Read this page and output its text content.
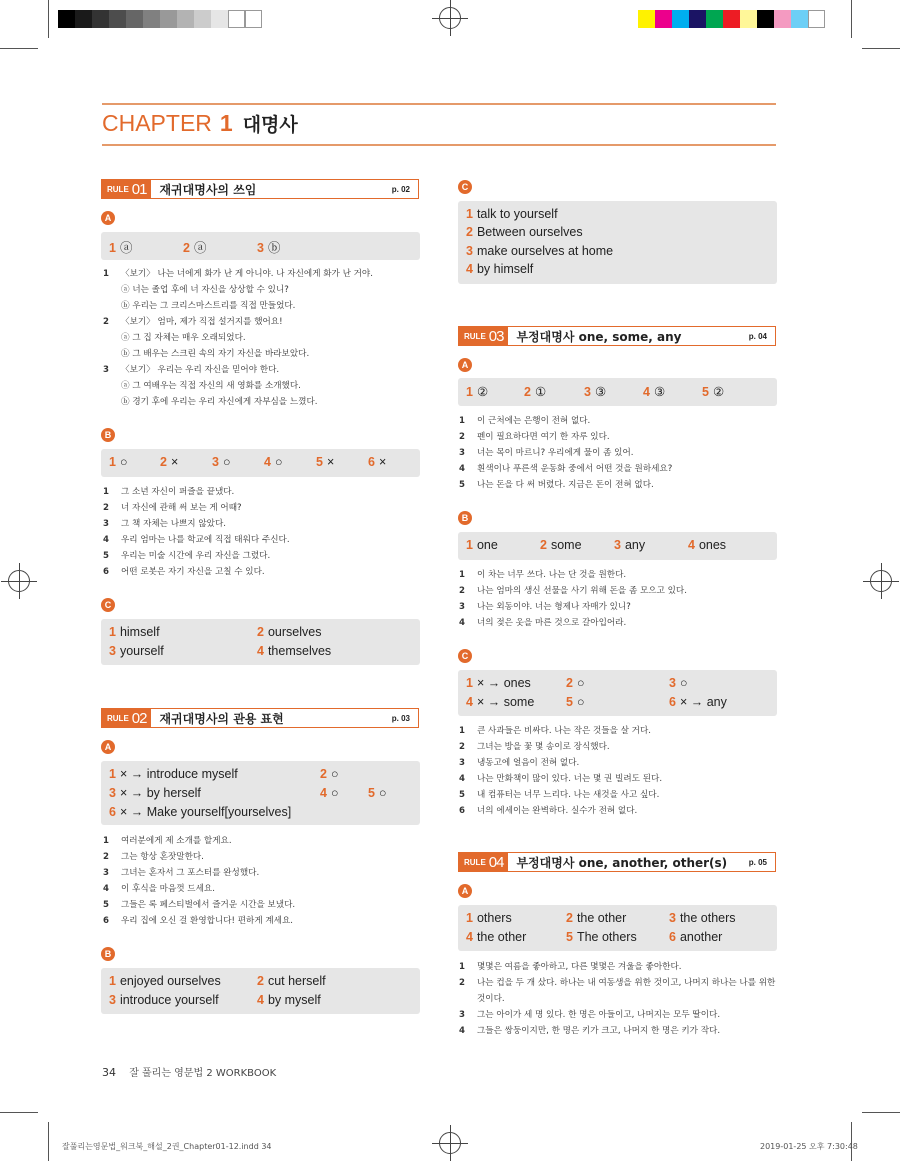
CHAPTER 1 대명사
RULE 01 재귀대명사의 쓰임	p. 02
A
1 ⓐ	2 ⓐ	3 ⓑ
1	〈보기〉 나는 너에게 화가 난 게 아니야. 나 자신에게 화가 난 거야.
ⓐ 너는 졸업 후에 너 자신을 상상할 수 있니?
ⓑ 우리는 그 크리스마스트리를 직접 만들었다.
2	〈보기〉 엄마, 제가 직접 설거지를 했어요!
ⓐ 그 집 자체는 매우 오래되었다.
ⓑ 그 배우는 스크린 속의 자기 자신을 바라보았다.
3	〈보기〉 우리는 우리 자신을 믿어야 한다.
ⓐ 그 여배우는 직접 자신의 새 영화를 소개했다.
ⓑ 경기 후에 우리는 우리 자신에게 자부심을 느꼈다.
B
1 ○	2 ×	3 ○	4 ○	5 ×	6 ×
1	그 소년 자신이 퍼즐을 끝냈다.
2	너 자신에 관해 써 보는 게 어때?
3	그 책 자체는 나쁘지 않았다.
4	우리 엄마는 나를 학교에 직접 태워다 주신다.
5	우리는 미술 시간에 우리 자신을 그렸다.
6	어떤 로봇은 자기 자신을 고칠 수 있다.
C
1 himself	2 ourselves
3 yourself	4 themselves
RULE 02 재귀대명사의 관용 표현	p. 03
A
1 × → introduce myself	2 ○
3 × → by herself	4 ○ 5 ○
6 × → Make yourself[yourselves]
1	여러분에게 제 소개를 할게요.
2	그는 항상 혼잣말한다.
3	그녀는 혼자서 그 포스터를 완성했다.
4	이 후식을 마음껏 드세요.
5	그들은 록 페스티벌에서 즐거운 시간을 보냈다.
6	우리 집에 오신 걸 환영합니다! 편하게 계세요.
B
1 enjoyed ourselves	2 cut herself
3 introduce yourself	4 by myself
C
1 talk to yourself
2 Between ourselves
3 make ourselves at home
4 by himself
RULE 03 부정대명사 one, some, any	p. 04
A
1 ②	2 ①	3 ③	4 ③	5 ②
1	이 근처에는 은행이 전혀 없다.
2	펜이 필요하다면 여기 한 자루 있다.
3	너는 목이 마르니? 우리에게 물이 좀 있어.
4	흰색이나 푸른색 운동화 중에서 어떤 것을 원하세요?
5	나는 돈을 다 써 버렸다. 지금은 돈이 전혀 없다.
B
1 one	2 some	3 any	4 ones
1	이 차는 너무 쓰다. 나는 단 것을 원한다.
2	나는 엄마의 생신 선물을 사기 위해 돈을 좀 모으고 있다.
3	나는 외동이야. 너는 형제나 자매가 있니?
4	너의 젖은 옷을 마른 것으로 갈아입어라.
C
1 × → ones	2 ○	3 ○
4 × → some	5 ○	6 × → any
1	큰 사과들은 비싸다. 나는 작은 것들을 살 거다.
2	그녀는 방을 꽃 몇 송이로 장식했다.
3	냉동고에 얼음이 전혀 없다.
4	나는 만화책이 많이 있다. 너는 몇 권 빌려도 된다.
5	내 컴퓨터는 너무 느리다. 나는 새것을 사고 싶다.
6	너의 에세이는 완벽하다. 실수가 전혀 없다.
RULE 04 부정대명사 one, another, other(s)	p. 05
A
1 others	2 the other	3 the others
4 the other	5 The others	6 another
1	몇몇은 여름을 좋아하고, 다른 몇몇은 겨울을 좋아한다.
2	나는 컵을 두 개 샀다. 하나는 내 여동생을 위한 것이고, 나머지 하나는 나를 위한 것이다.
3	그는 아이가 세 명 있다. 한 명은 아들이고, 나머지는 모두 딸이다.
4	그들은 쌍둥이지만, 한 명은 키가 크고, 나머지 한 명은 키가 작다.
34 잘 풀리는 영문법 2 WORKBOOK
잘풀리는영문법_워크북_해설_2권_Chapter01-12.indd 34	2019-01-25 오후 7:30:48
